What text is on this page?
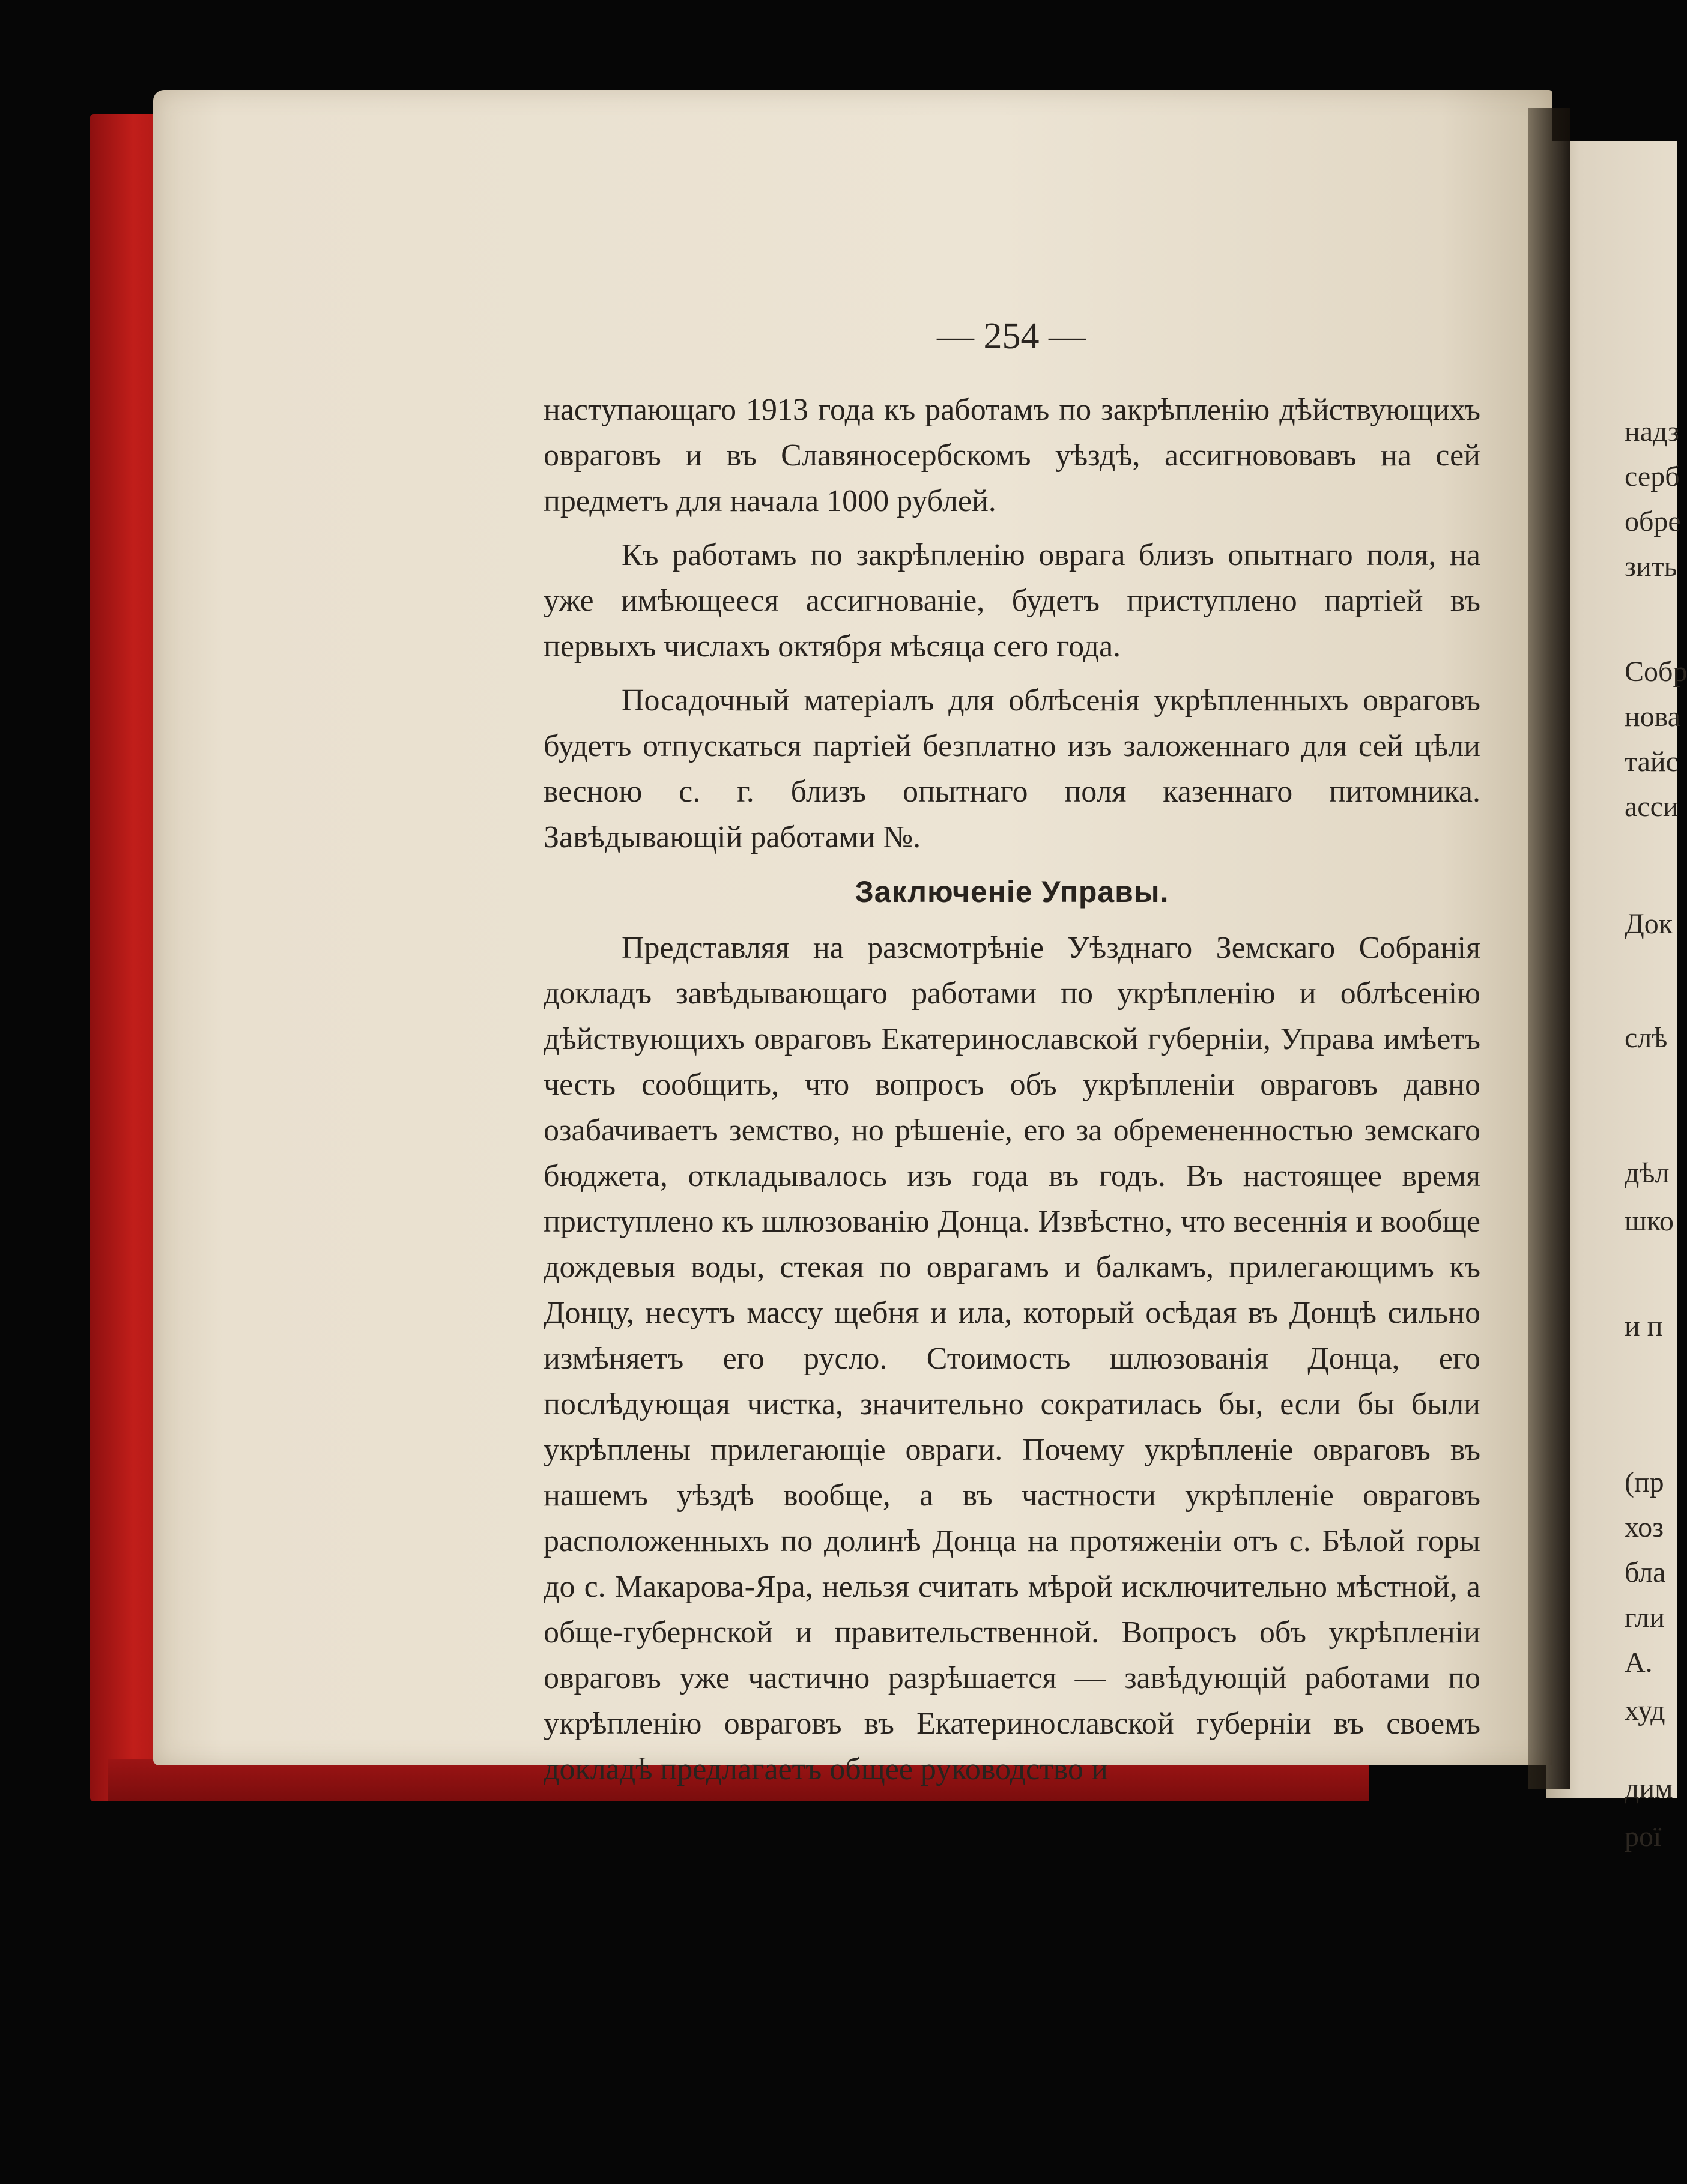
надз
серб
обре
зить
Собр
нова
тайс
асси
Док
слѣ
дѣл
шко
и п
(пр
хоз
бла
гли
А.
худ
дим
рої
— 254 —

наступающаго 1913 года къ работамъ по закрѣпленію дѣйствующихъ овраговъ и въ Славяносербскомъ уѣздѣ, ассигнововавъ на сей предметъ для начала 1000 рублей.

Къ работамъ по закрѣпленію оврага близъ опытнаго поля, на уже имѣющееся ассигнованіе, будетъ приступлено партіей въ первыхъ числахъ октября мѣсяца сего года.

Посадочный матеріалъ для облѣсенія укрѣпленныхъ овраговъ будетъ отпускаться партіей безплатно изъ заложеннаго для сей цѣли весною с. г. близъ опытнаго поля казеннаго питомника. Завѣдывающій работами №.

Заключеніе Управы.

Представляя на разсмотрѣніе Уѣзднаго Земскаго Собранія докладъ завѣдывающаго работами по укрѣпленію и облѣсенію дѣйствующихъ овраговъ Екатеринославской губерніи, Управа имѣетъ честь сообщить, что вопросъ объ укрѣпленіи овраговъ давно озабачиваетъ земство, но рѣшеніе, его за обремененностью земскаго бюджета, откладывалось изъ года въ годъ. Въ настоящее время приступлено къ шлюзованію Донца. Извѣстно, что весеннія и вообще дождевыя воды, стекая по оврагамъ и балкамъ, прилегающимъ къ Донцу, несутъ массу щебня и ила, который осѣдая въ Донцѣ сильно измѣняетъ его русло. Стоимость шлюзованія Донца, его послѣдующая чистка, значительно сократилась бы, если бы были укрѣплены прилегающіе овраги. Почему укрѣпленіе овраговъ въ нашемъ уѣздѣ вообще, а въ частности укрѣпленіе овраговъ расположенныхъ по долинѣ Донца на протяженіи отъ с. Бѣлой горы до с. Макарова-Яра, нельзя считать мѣрой исключительно мѣстной, а обще-губернской и правительственной. Вопросъ объ укрѣпленіи овраговъ уже частично разрѣшается — завѣдующій работами по укрѣпленію овраговъ въ Екатеринославской губерніи въ своемъ докладѣ предлагаетъ общее руководство и
